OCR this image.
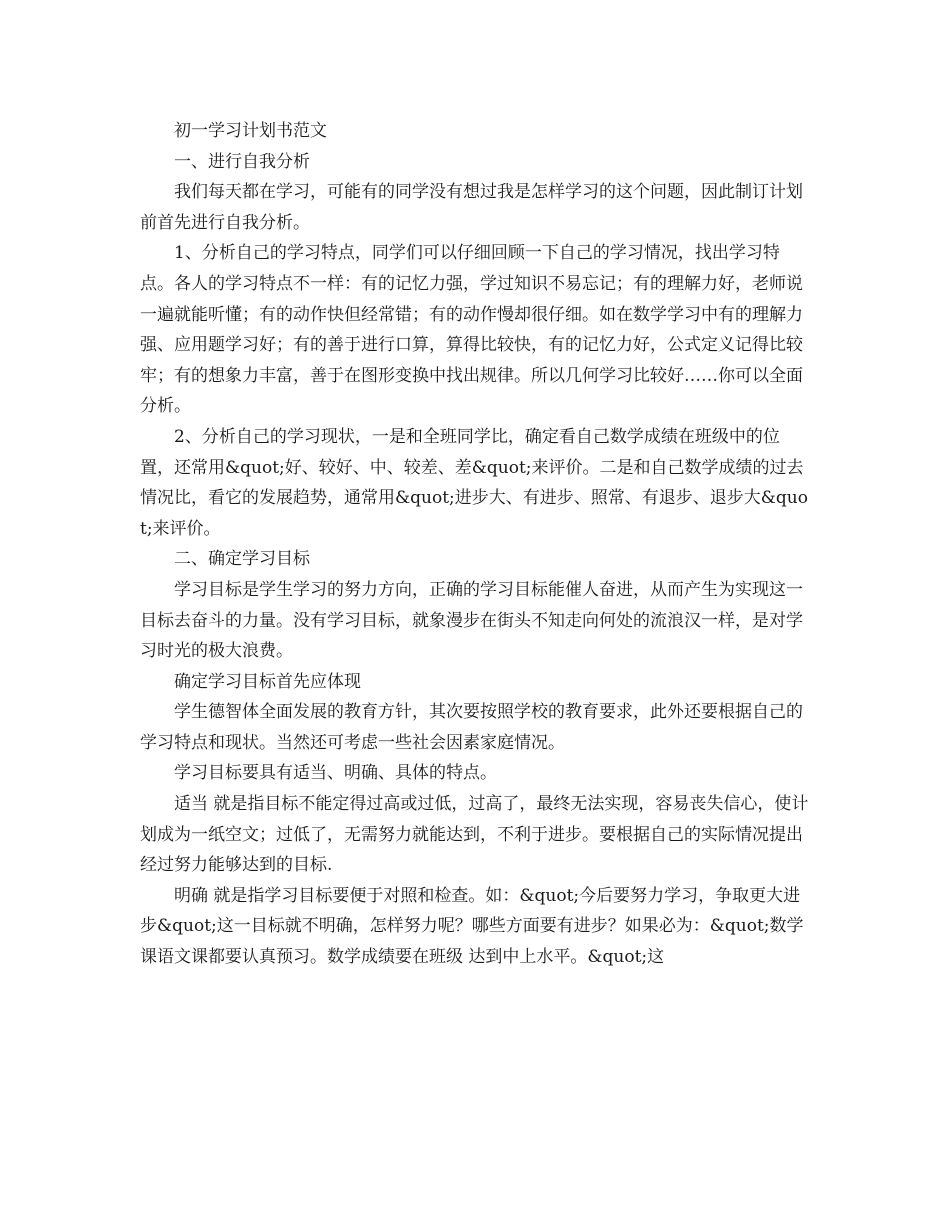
初一学习计划书范文

一、进行自我分析

我们每天都在学习，可能有的同学没有想过我是怎样学习的这个问题，因此制订计划前首先进行自我分析。

1、分析自己的学习特点，同学们可以仔细回顾一下自己的学习情况，找出学习特点。各人的学习特点不一样：有的记忆力强，学过知识不易忘记；有的理解力好，老师说一遍就能听懂；有的动作快但经常错；有的动作慢却很仔细。如在数学学习中有的理解力强、应用题学习好；有的善于进行口算，算得比较快，有的记忆力好，公式定义记得比较牢；有的想象力丰富，善于在图形变换中找出规律。所以几何学习比较好……你可以全面分析。

2、分析自己的学习现状，一是和全班同学比，确定看自己数学成绩在班级中的位置，还常用&quot;好、较好、中、较差、差&quot;来评价。二是和自己数学成绩的过去情况比，看它的发展趋势，通常用&quot;进步大、有进步、照常、有退步、退步大&quot;来评价。

二、确定学习目标

学习目标是学生学习的努力方向，正确的学习目标能催人奋进，从而产生为实现这一目标去奋斗的力量。没有学习目标，就象漫步在街头不知走向何处的流浪汉一样，是对学习时光的极大浪费。

确定学习目标首先应体现

学生德智体全面发展的教育方针，其次要按照学校的教育要求，此外还要根据自己的学习特点和现状。当然还可考虑一些社会因素家庭情况。

学习目标要具有适当、明确、具体的特点。

适当 就是指目标不能定得过高或过低，过高了，最终无法实现，容易丧失信心，使计划成为一纸空文；过低了，无需努力就能达到，不利于进步。要根据自己的实际情况提出经过努力能够达到的目标.

明确 就是指学习目标要便于对照和检查。如：&quot;今后要努力学习，争取更大进步&quot;这一目标就不明确，怎样努力呢？哪些方面要有进步？如果必为：&quot;数学课语文课都要认真预习。数学成绩要在班级 达到中上水平。&quot;这
